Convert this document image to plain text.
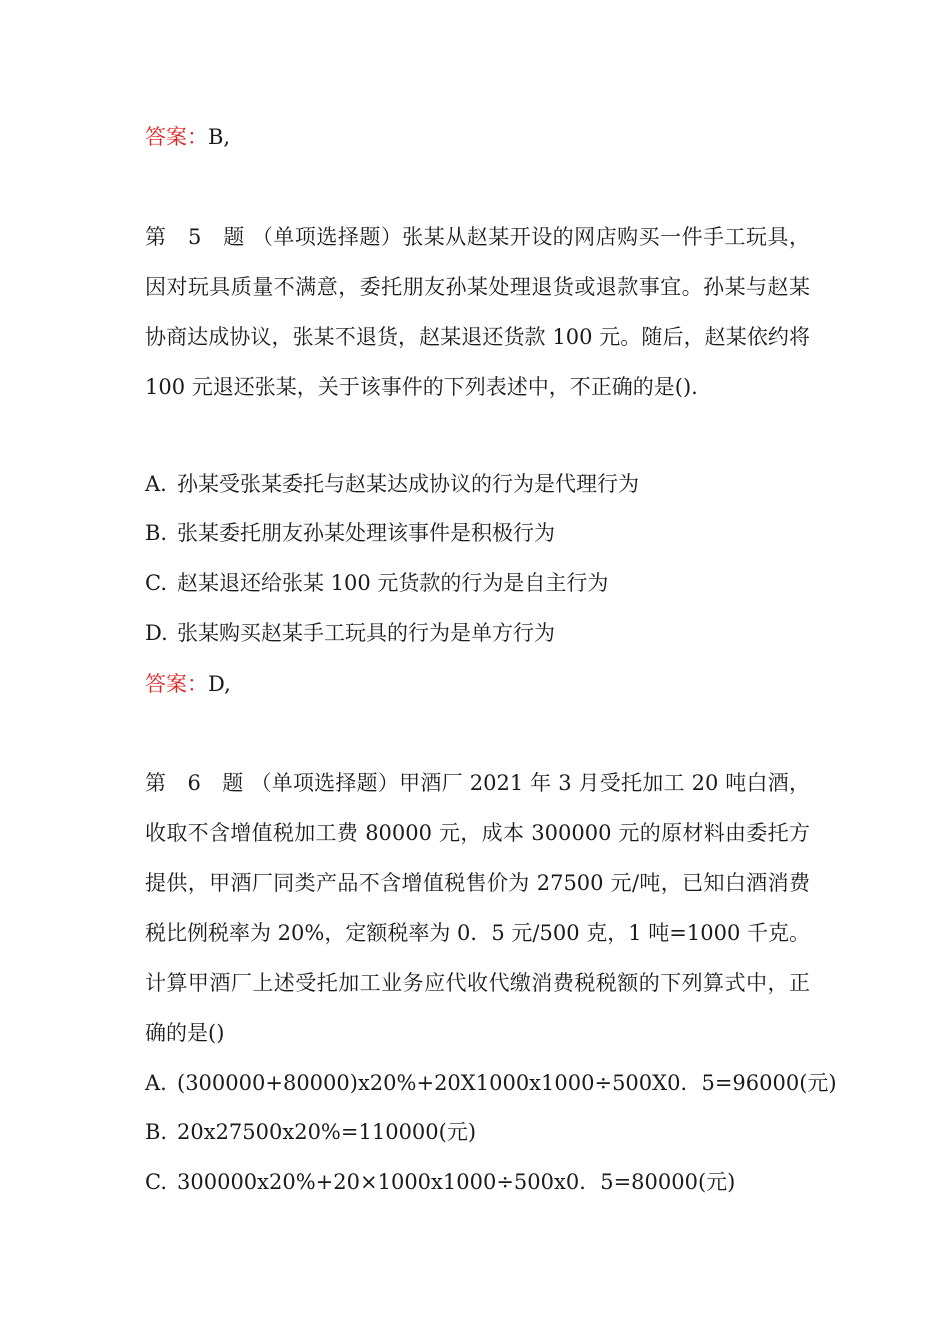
答案：B,
第　5　题 （单项选择题）张某从赵某开设的网店购买一件手工玩具，因对玩具质量不满意，委托朋友孙某处理退货或退款事宜。孙某与赵某协商达成协议，张某不退货，赵某退还货款 100 元。随后，赵某依约将 100 元退还张某，关于该事件的下列表述中，不正确的是().
A. 孙某受张某委托与赵某达成协议的行为是代理行为
B. 张某委托朋友孙某处理该事件是积极行为
C. 赵某退还给张某 100 元货款的行为是自主行为
D. 张某购买赵某手工玩具的行为是单方行为
答案：D,
第　6　题 （单项选择题）甲酒厂 2021 年 3 月受托加工 20 吨白酒，收取不含增值税加工费 80000 元，成本 300000 元的原材料由委托方提供，甲酒厂同类产品不含增值税售价为 27500 元/吨，已知白酒消费税比例税率为 20%，定额税率为 0．5 元/500 克，1 吨=1000 千克。计算甲酒厂上述受托加工业务应代收代缴消费税税额的下列算式中，正确的是()
A. (300000+80000)x20%+20X1000x1000÷500X0．5=96000(元)
B. 20x27500x20%=110000(元)
C. 300000x20%+20×1000x1000÷500x0．5=80000(元)
